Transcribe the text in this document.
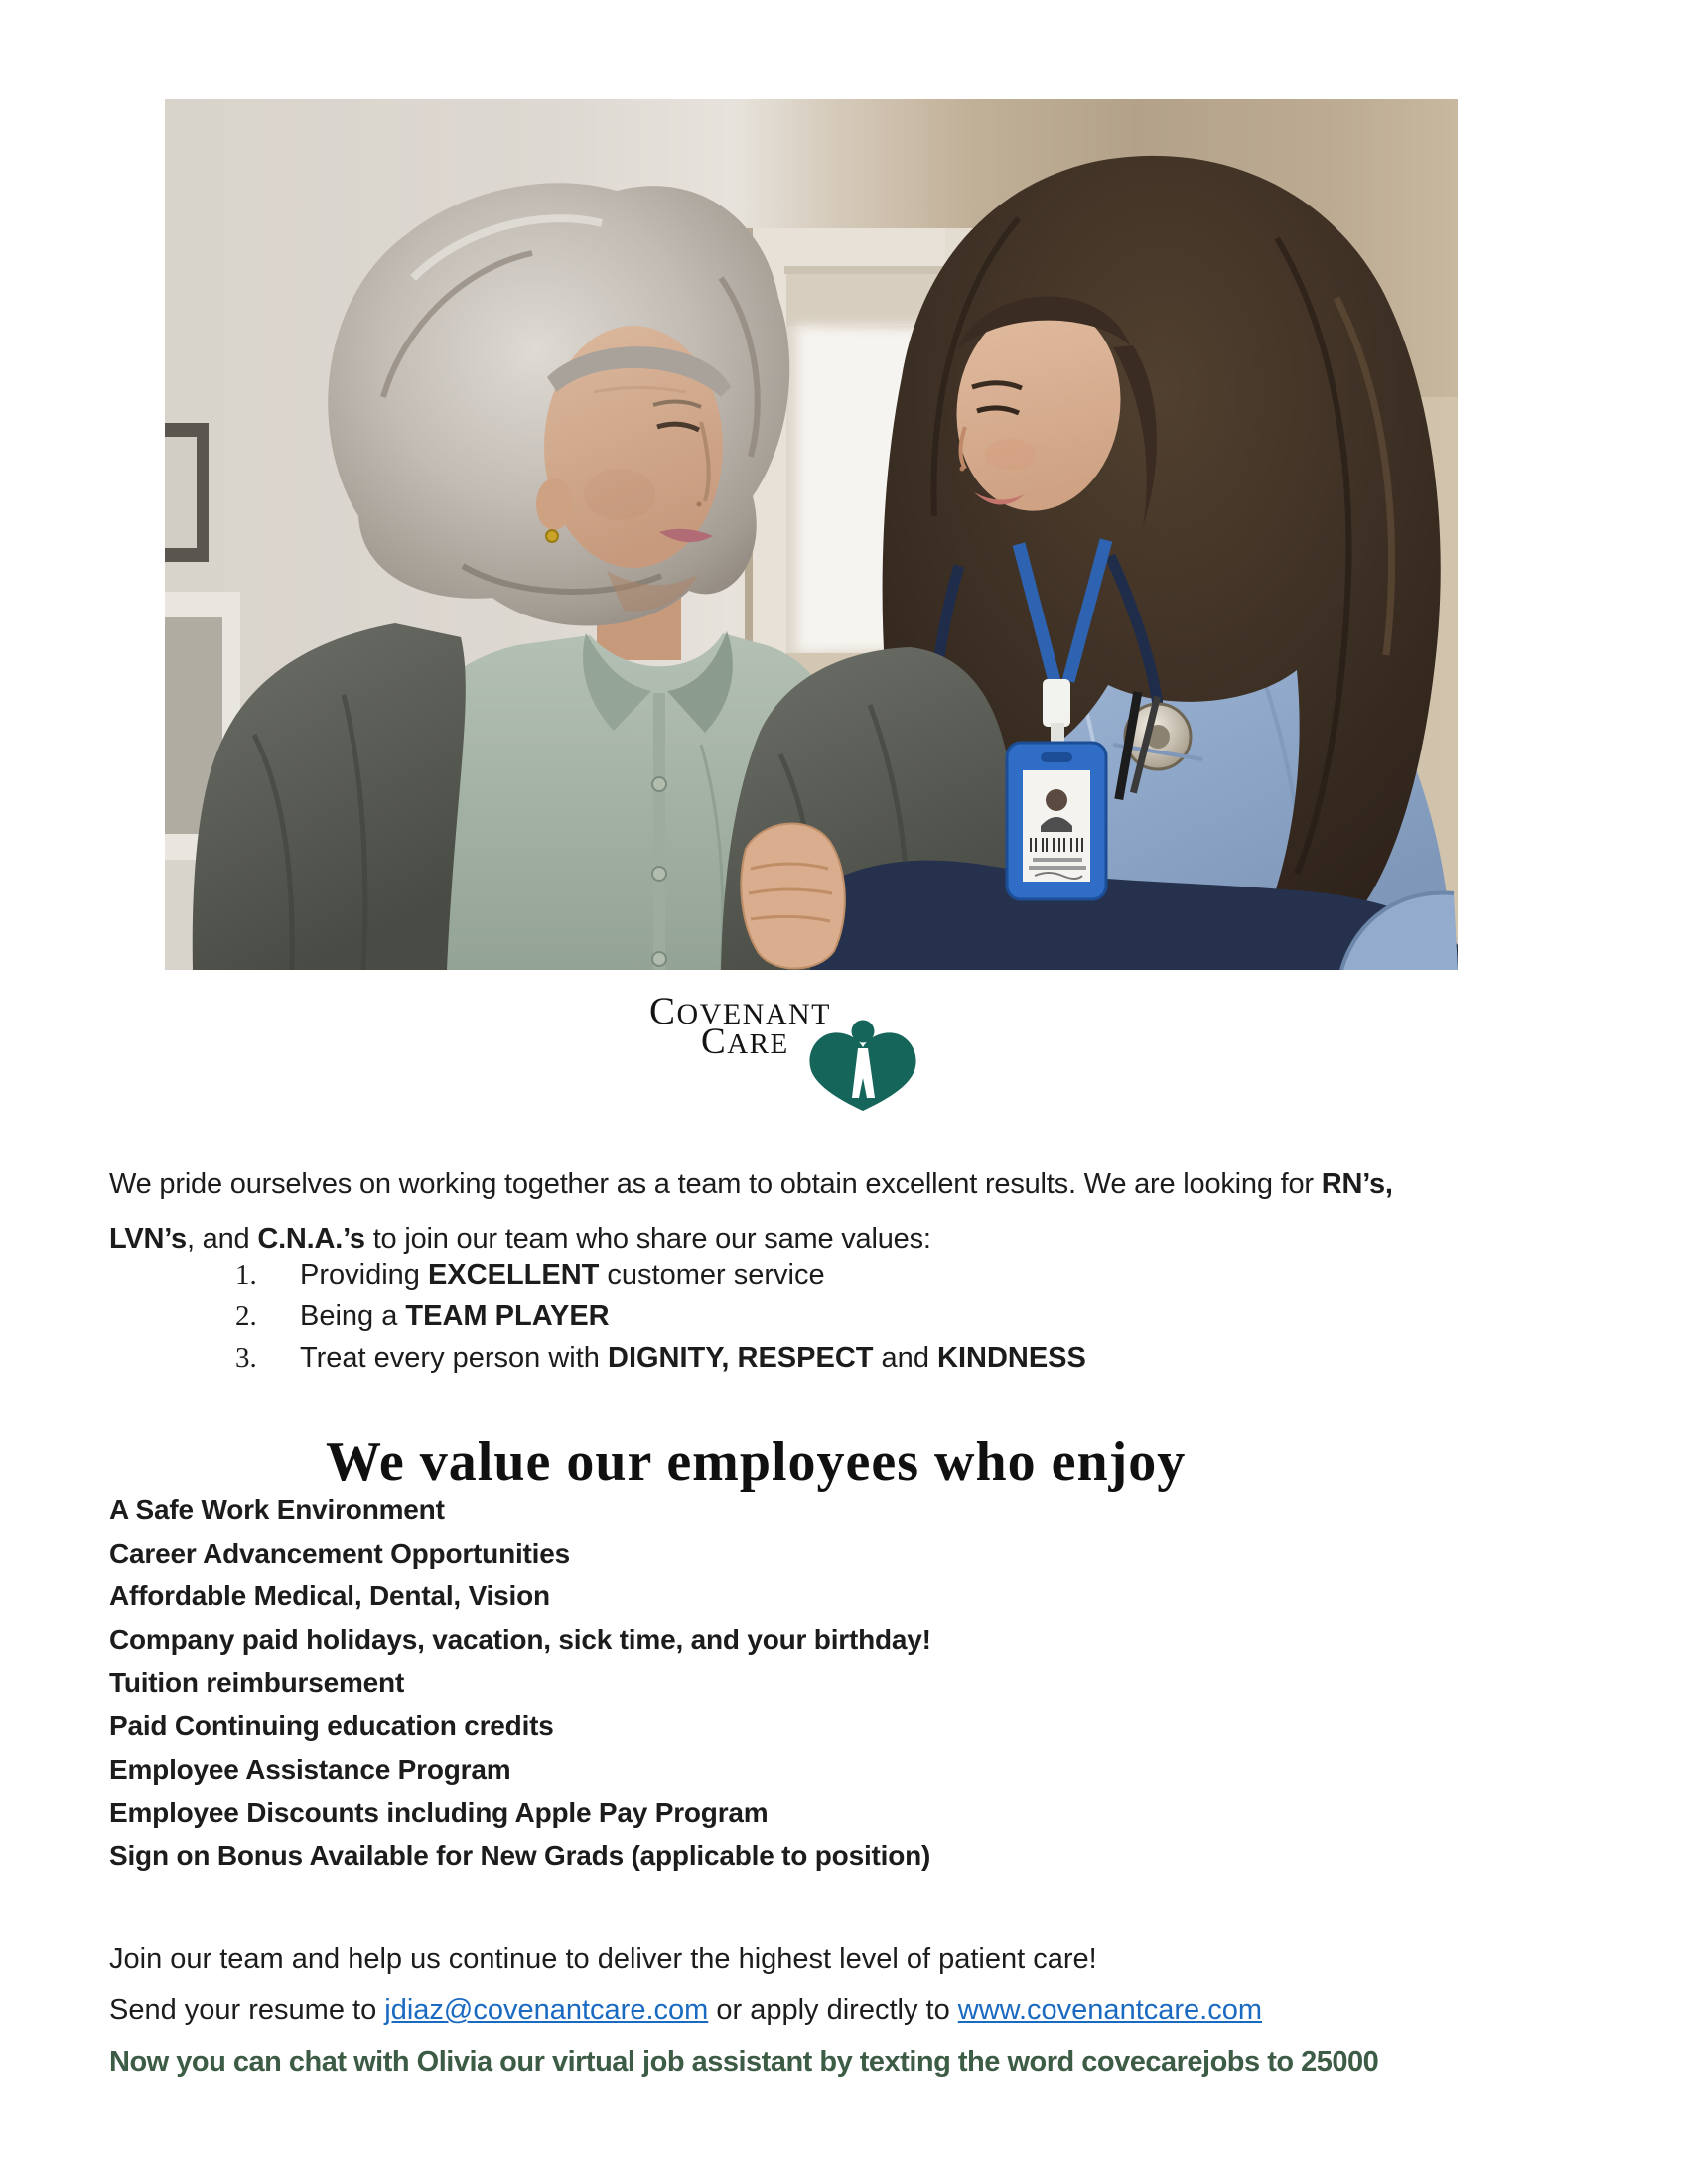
COVENANT
CARE
We pride ourselves on working together as a team to obtain excellent results. We are looking for RN’s,
LVN’s, and C.N.A.’s to join our team who share our same values:
1.	Providing EXCELLENT customer service
2.	Being a TEAM PLAYER
3.	Treat every person with DIGNITY, RESPECT and KINDNESS
We value our employees who enjoy
A Safe Work Environment
Career Advancement Opportunities
Affordable Medical, Dental, Vision
Company paid holidays, vacation, sick time, and your birthday!
Tuition reimbursement
Paid Continuing education credits
Employee Assistance Program
Employee Discounts including Apple Pay Program
Sign on Bonus Available for New Grads (applicable to position)
Join our team and help us continue to deliver the highest level of patient care!
Send your resume to jdiaz@covenantcare.com or apply directly to www.covenantcare.com
Now you can chat with Olivia our virtual job assistant by texting the word covecarejobs to 25000
